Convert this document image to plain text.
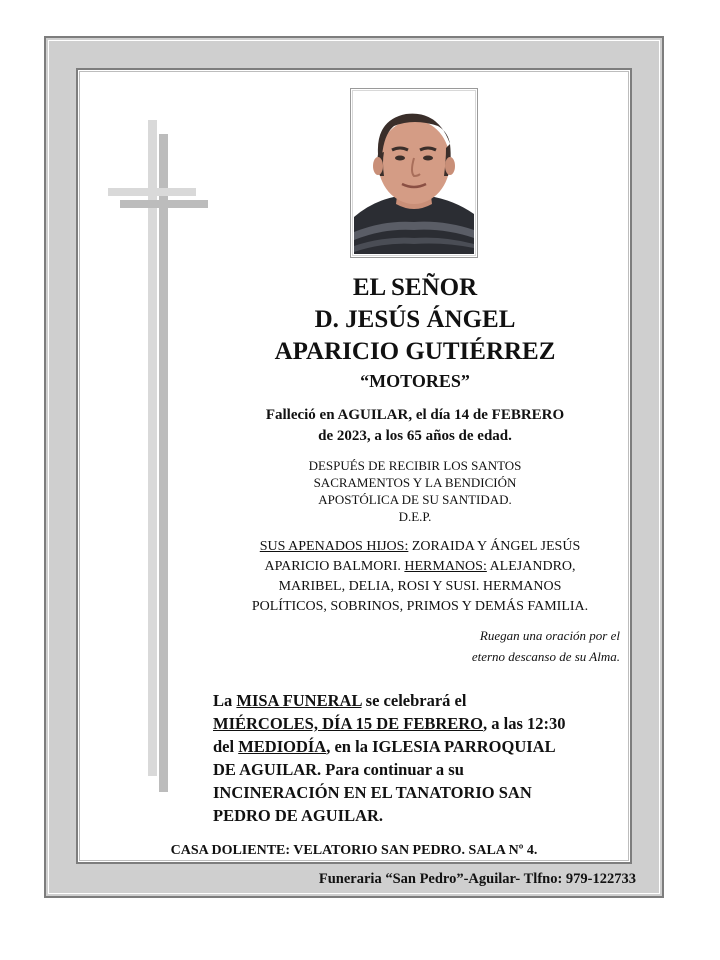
EL SEÑOR
D. JESÚS ÁNGEL
APARICIO GUTIÉRREZ
“MOTORES”
Falleció en AGUILAR, el día 14 de FEBRERO
de 2023, a los 65 años de edad.
DESPUÉS DE RECIBIR LOS SANTOS
SACRAMENTOS Y LA BENDICIÓN
APOSTÓLICA DE SU SANTIDAD.
D.E.P.
SUS APENADOS HIJOS: ZORAIDA Y ÁNGEL JESÚS
APARICIO BALMORI. HERMANOS: ALEJANDRO,
MARIBEL, DELIA, ROSI Y SUSI. HERMANOS
POLÍTICOS, SOBRINOS, PRIMOS Y DEMÁS FAMILIA.
Ruegan una oración por el
eterno descanso de su Alma.
La MISA FUNERAL se celebrará el
MIÉRCOLES, DÍA 15 DE FEBRERO, a las 12:30
del MEDIODÍA, en la IGLESIA PARROQUIAL
DE AGUILAR. Para continuar a su
INCINERACIÓN EN EL TANATORIO SAN
PEDRO DE AGUILAR.
CASA DOLIENTE: VELATORIO SAN PEDRO. SALA Nº 4.
Funeraria “San Pedro”-Aguilar- Tlfno: 979-122733
